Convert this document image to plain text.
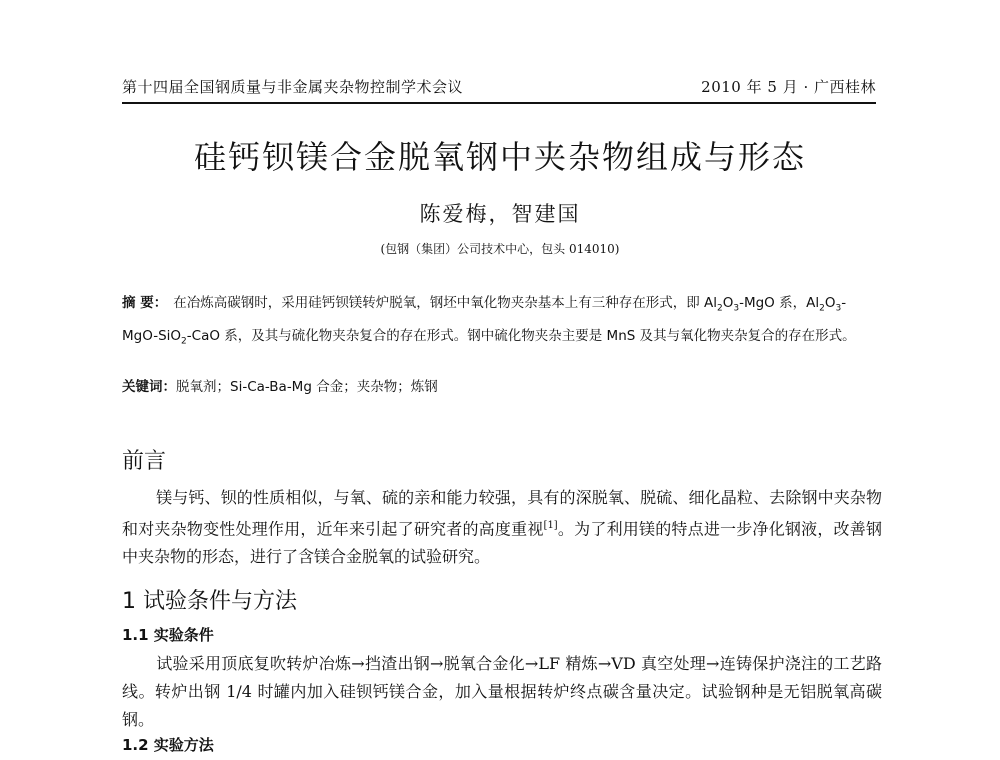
第十四届全国钢质量与非金属夹杂物控制学术会议	2010 年 5 月 · 广西桂林
硅钙钡镁合金脱氧钢中夹杂物组成与形态
陈爱梅，智建国
(包钢（集团）公司技术中心，包头 014010)
摘 要： 在冶炼高碳钢时，采用硅钙钡镁转炉脱氧，钢坯中氧化物夹杂基本上有三种存在形式，即 $Al_2O_3$-MgO 系，$Al_2O_3-MgO-SiO_2$-CaO 系，及其与硫化物夹杂复合的存在形式。钢中硫化物夹杂主要是 MnS 及其与氧化物夹杂复合的存在形式。
关键词：脱氧剂；Si-Ca-Ba-Mg 合金；夹杂物；炼钢
前言
镁与钙、钡的性质相似，与氧、硫的亲和能力较强，具有的深脱氧、脱硫、细化晶粒、去除钢中夹杂物和对夹杂物变性处理作用，近年来引起了研究者的高度重视[1]。为了利用镁的特点进一步净化钢液，改善钢中夹杂物的形态，进行了含镁合金脱氧的试验研究。
1 试验条件与方法
1.1 实验条件
试验采用顶底复吹转炉冶炼→挡渣出钢→脱氧合金化→LF 精炼→VD 真空处理→连铸保护浇注的工艺路线。转炉出钢 1/4 时罐内加入硅钡钙镁合金，加入量根据转炉终点碳含量决定。试验钢种是无铝脱氧高碳钢。
1.2 实验方法
